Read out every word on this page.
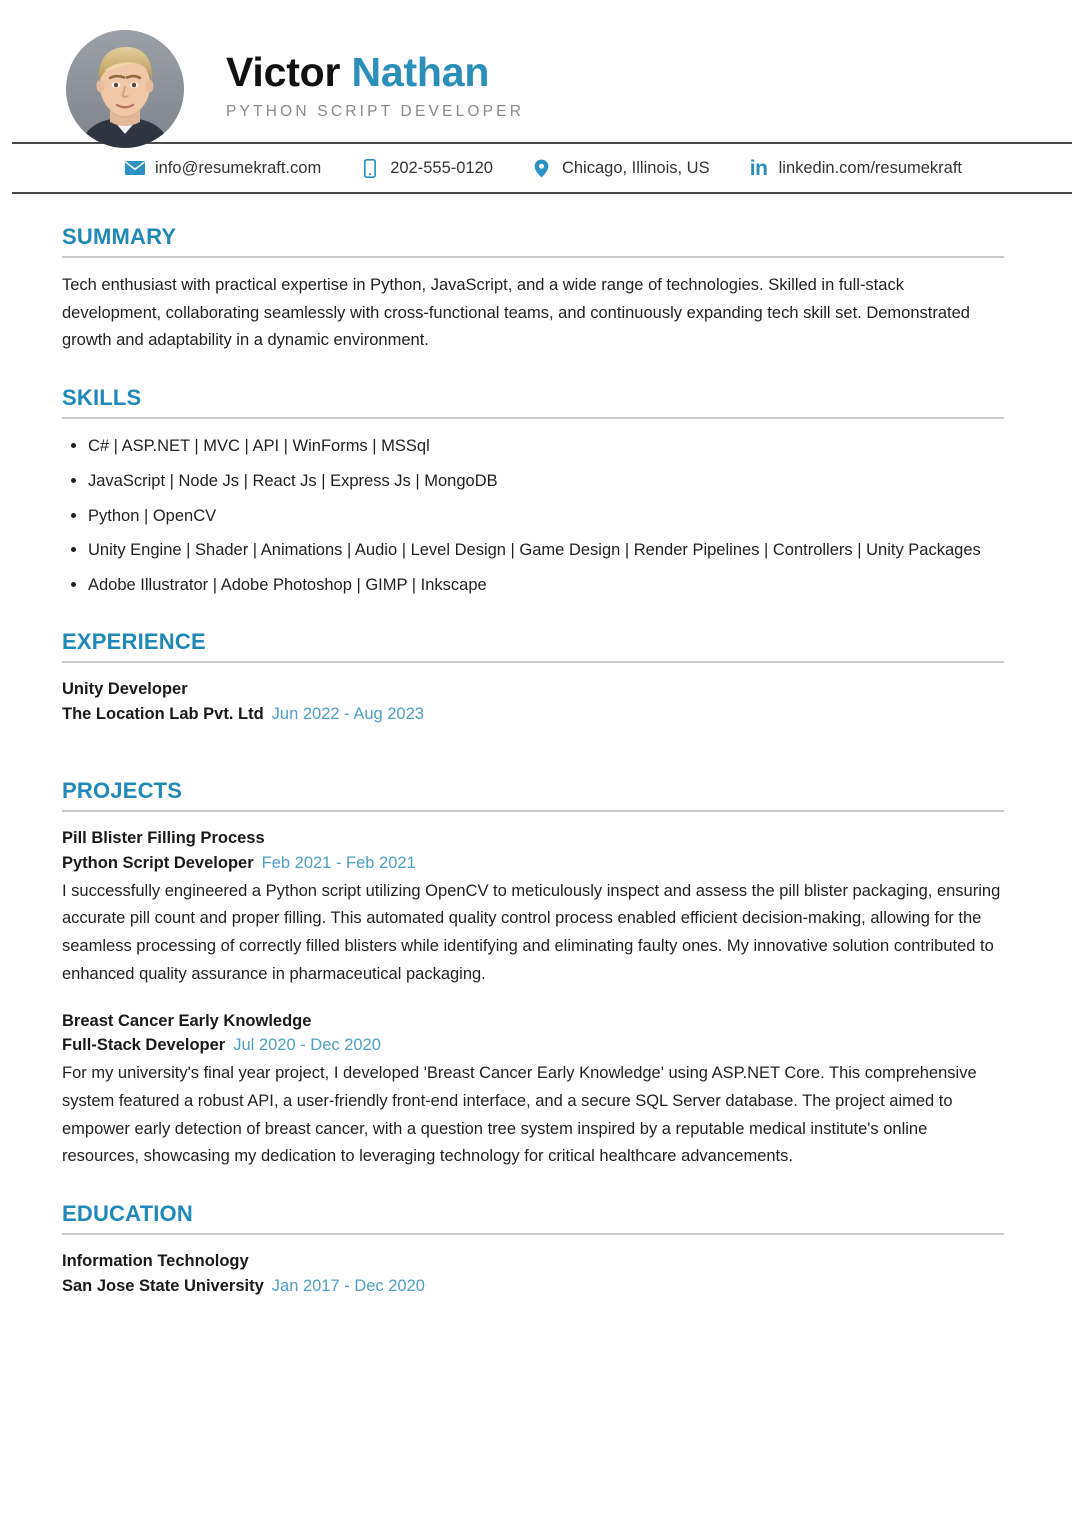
Victor Nathan
PYTHON SCRIPT DEVELOPER
info@resumekraft.com	202-555-0120	Chicago, Illinois, US in linkedin.com/resumekraft
SUMMARY

Tech enthusiast with practical expertise in Python, JavaScript, and a wide range of technologies. Skilled in full-stack development, collaborating seamlessly with cross-functional teams, and continuously expanding tech skill set. Demonstrated growth and adaptability in a dynamic environment.

SKILLS
C# | ASP.NET | MVC | API | WinForms | MSSql
JavaScript | Node Js | React Js | Express Js | MongoDB
Python | OpenCV
Unity Engine | Shader | Animations | Audio | Level Design | Game Design | Render Pipelines | Controllers | Unity Packages
Adobe Illustrator | Adobe Photoshop | GIMP | Inkscape
EXPERIENCE
Unity Developer
The Location Lab Pvt. Ltd Jun 2022 - Aug 2023
PROJECTS
Pill Blister Filling Process
Python Script Developer Feb 2021 - Feb 2021
I successfully engineered a Python script utilizing OpenCV to meticulously inspect and assess the pill blister packaging, ensuring accurate pill count and proper filling. This automated quality control process enabled efficient decision-making, allowing for the seamless processing of correctly filled blisters while identifying and eliminating faulty ones. My innovative solution contributed to enhanced quality assurance in pharmaceutical packaging.
Breast Cancer Early Knowledge
Full-Stack Developer Jul 2020 - Dec 2020
For my university's final year project, I developed 'Breast Cancer Early Knowledge' using ASP.NET Core. This comprehensive system featured a robust API, a user-friendly front-end interface, and a secure SQL Server database. The project aimed to empower early detection of breast cancer, with a question tree system inspired by a reputable medical institute's online resources, showcasing my dedication to leveraging technology for critical healthcare advancements.
EDUCATION
Information Technology
San Jose State University Jan 2017 - Dec 2020
